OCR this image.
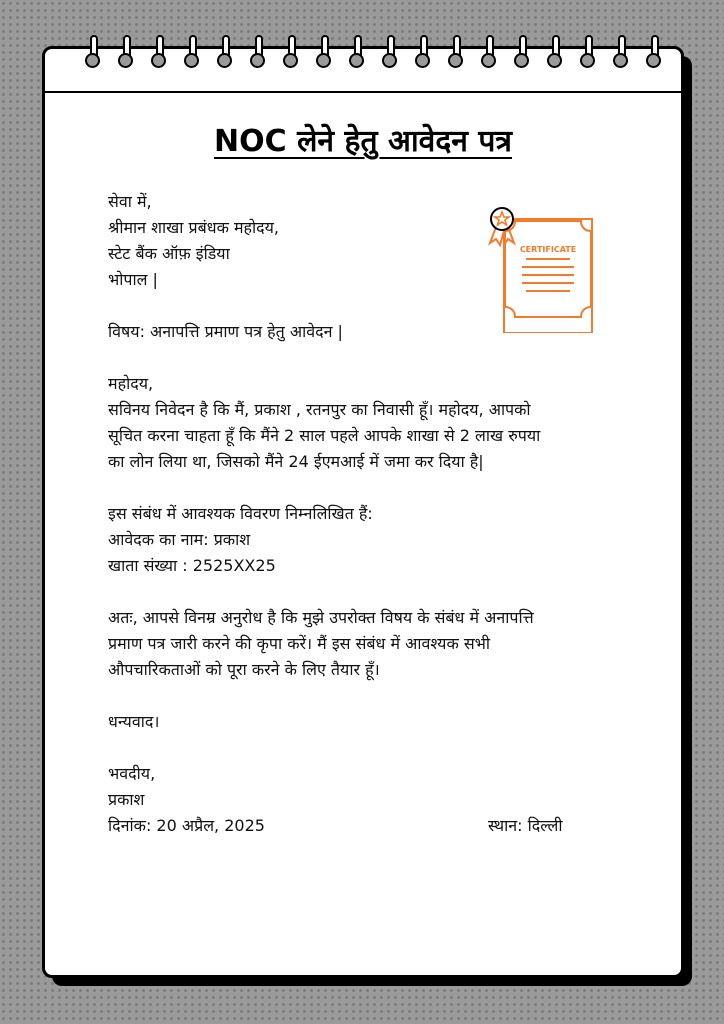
NOC लेने हेतु आवेदन पत्र
CERTIFICATE
सेवा में,
श्रीमान शाखा प्रबंधक महोदय,
स्टेट बैंक ऑफ़ इंडिया
भोपाल |
विषय: अनापत्ति प्रमाण पत्र हेतु आवेदन |
महोदय,
सविनय निवेदन है कि मैं, प्रकाश , रतनपुर का निवासी हूँ। महोदय, आपको
सूचित करना चाहता हूँ कि मैंने 2 साल पहले आपके शाखा से 2 लाख रुपया
का लोन लिया था, जिसको मैंने 24 ईएमआई में जमा कर दिया है|
इस संबंध में आवश्यक विवरण निम्नलिखित हैं:
आवेदक का नाम: प्रकाश
खाता संख्या : 2525XX25
अतः, आपसे विनम्र अनुरोध है कि मुझे उपरोक्त विषय के संबंध में अनापत्ति
प्रमाण पत्र जारी करने की कृपा करें। मैं इस संबंध में आवश्यक सभी
औपचारिकताओं को पूरा करने के लिए तैयार हूँ।
धन्यवाद।
भवदीय,
प्रकाश
दिनांक: 20 अप्रैल, 2025	स्थान: दिल्ली
